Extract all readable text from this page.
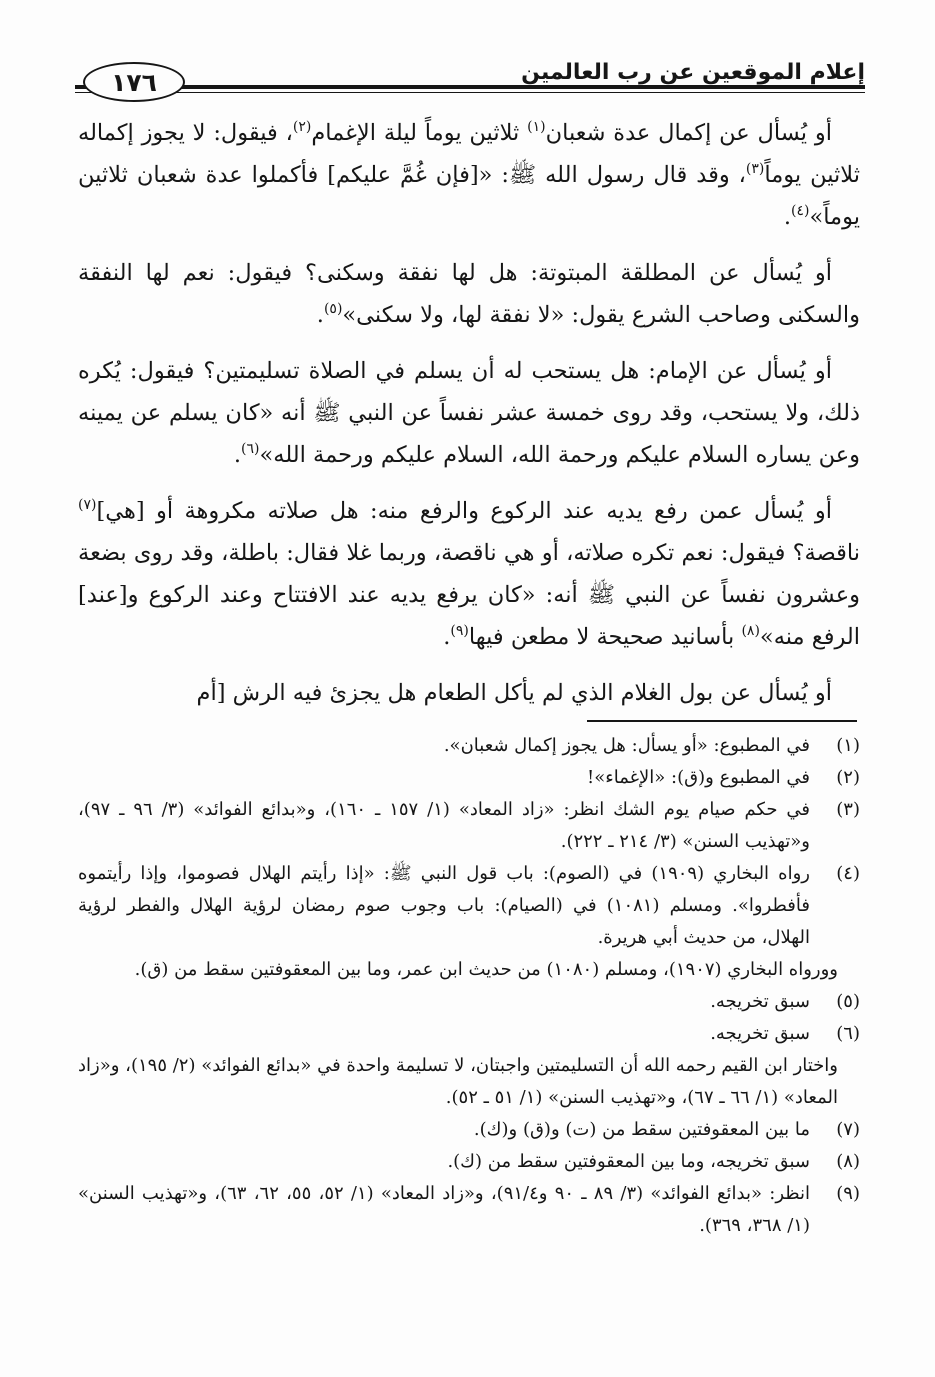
إعلام الموقعين عن رب العالمين
١٧٦

أو يُسأل عن إكمال عدة شعبان$^{(١)}$ ثلاثين يوماً ليلة الإغمام$^{(٢)}$، فيقول: لا يجوز إكماله ثلاثين يوماً$^{(٣)}$، وقد قال رسول الله ﷺ: «[فإن غُمَّ عليكم] فأكملوا عدة شعبان ثلاثين يوماً»$^{(٤)}$.

أو يُسأل عن المطلقة المبتوتة: هل لها نفقة وسكنى؟ فيقول: نعم لها النفقة والسكنى وصاحب الشرع يقول: «لا نفقة لها، ولا سكنى»$^{(٥)}$.

أو يُسأل عن الإمام: هل يستحب له أن يسلم في الصلاة تسليمتين؟ فيقول: يُكره ذلك، ولا يستحب، وقد روى خمسة عشر نفساً عن النبي ﷺ أنه «كان يسلم عن يمينه وعن يساره السلام عليكم ورحمة الله، السلام عليكم ورحمة الله»$^{(٦)}$.

أو يُسأل عمن رفع يديه عند الركوع والرفع منه: هل صلاته مكروهة أو [هي]$^{(٧)}$ ناقصة؟ فيقول: نعم تكره صلاته، أو هي ناقصة، وربما غلا فقال: باطلة، وقد روى بضعة وعشرون نفساً عن النبي ﷺ أنه: «كان يرفع يديه عند الافتتاح وعند الركوع و[عند] الرفع منه»$^{(٨)}$ بأسانيد صحيحة لا مطعن فيها$^{(٩)}$.

أو يُسأل عن بول الغلام الذي لم يأكل الطعام هل يجزئ فيه الرش [أم

(١)
في المطبوع: «أو يسأل: هل يجوز إكمال شعبان».
(٢)
في المطبوع و(ق): «الإغماء»!
(٣)
في حكم صيام يوم الشك انظر: «زاد المعاد» (١/ ١٥٧ ـ ١٦٠)، و«بدائع الفوائد» (٣/ ٩٦ ـ ٩٧)، و«تهذيب السنن» (٣/ ٢١٤ ـ ٢٢٢).
(٤)
رواه البخاري (١٩٠٩) في (الصوم): باب قول النبي ﷺ: «إذا رأيتم الهلال فصوموا، وإذا رأيتموه فأفطروا». ومسلم (١٠٨١) في (الصيام): باب وجوب صوم رمضان لرؤية الهلال والفطر لرؤية الهلال، من حديث أبي هريرة.
وورواه البخاري (١٩٠٧)، ومسلم (١٠٨٠) من حديث ابن عمر، وما بين المعقوفتين سقط من (ق).
(٥)
سبق تخريجه.
(٦)
سبق تخريجه.
واختار ابن القيم رحمه الله أن التسليمتين واجبتان، لا تسليمة واحدة في «بدائع الفوائد» (٢/ ١٩٥)، و«زاد المعاد» (١/ ٦٦ ـ ٦٧)، و«تهذيب السنن» (١/ ٥١ ـ ٥٢).
(٧)
ما بين المعقوفتين سقط من (ت) و(ق) و(ك).
(٨)
سبق تخريجه، وما بين المعقوفتين سقط من (ك).
(٩)
انظر: «بدائع الفوائد» (٣/ ٨٩ ـ ٩٠ و٩١/٤)، و«زاد المعاد» (١/ ٥٢، ٥٥، ٦٢، ٦٣)، و«تهذيب السنن» (١/ ٣٦٨، ٣٦٩).
